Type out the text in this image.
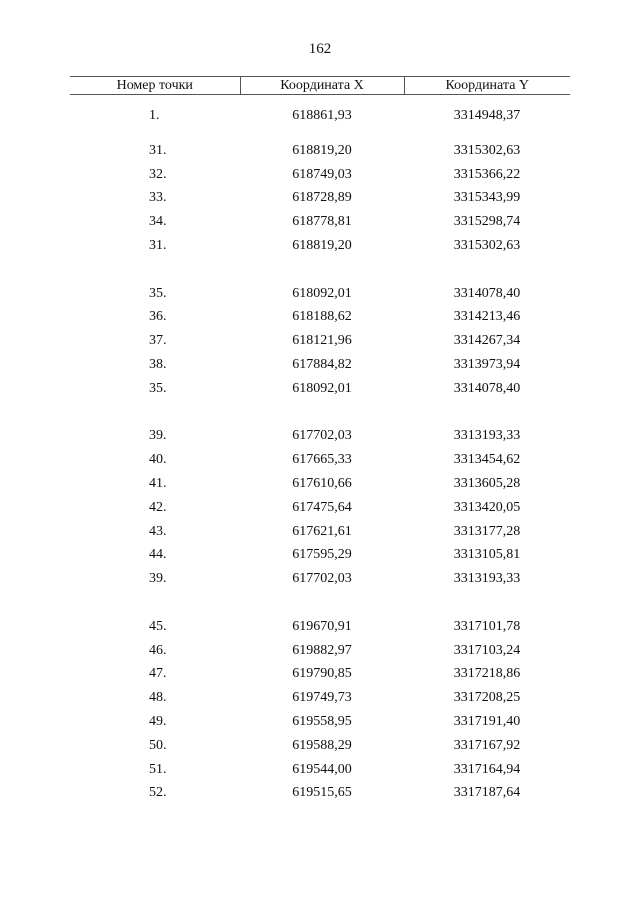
162
Номер точки	Координата X	Координата Y

1.	618861,93	3314948,37

31.	618819,20	3315302,63
32.	618749,03	3315366,22
33.	618728,89	3315343,99
34.	618778,81	3315298,74
31.	618819,20	3315302,63

35.	618092,01	3314078,40
36.	618188,62	3314213,46
37.	618121,96	3314267,34
38.	617884,82	3313973,94
35.	618092,01	3314078,40

39.	617702,03	3313193,33
40.	617665,33	3313454,62
41.	617610,66	3313605,28
42.	617475,64	3313420,05
43.	617621,61	3313177,28
44.	617595,29	3313105,81
39.	617702,03	3313193,33

45.	619670,91	3317101,78
46.	619882,97	3317103,24
47.	619790,85	3317218,86
48.	619749,73	3317208,25
49.	619558,95	3317191,40
50.	619588,29	3317167,92
51.	619544,00	3317164,94
52.	619515,65	3317187,64
